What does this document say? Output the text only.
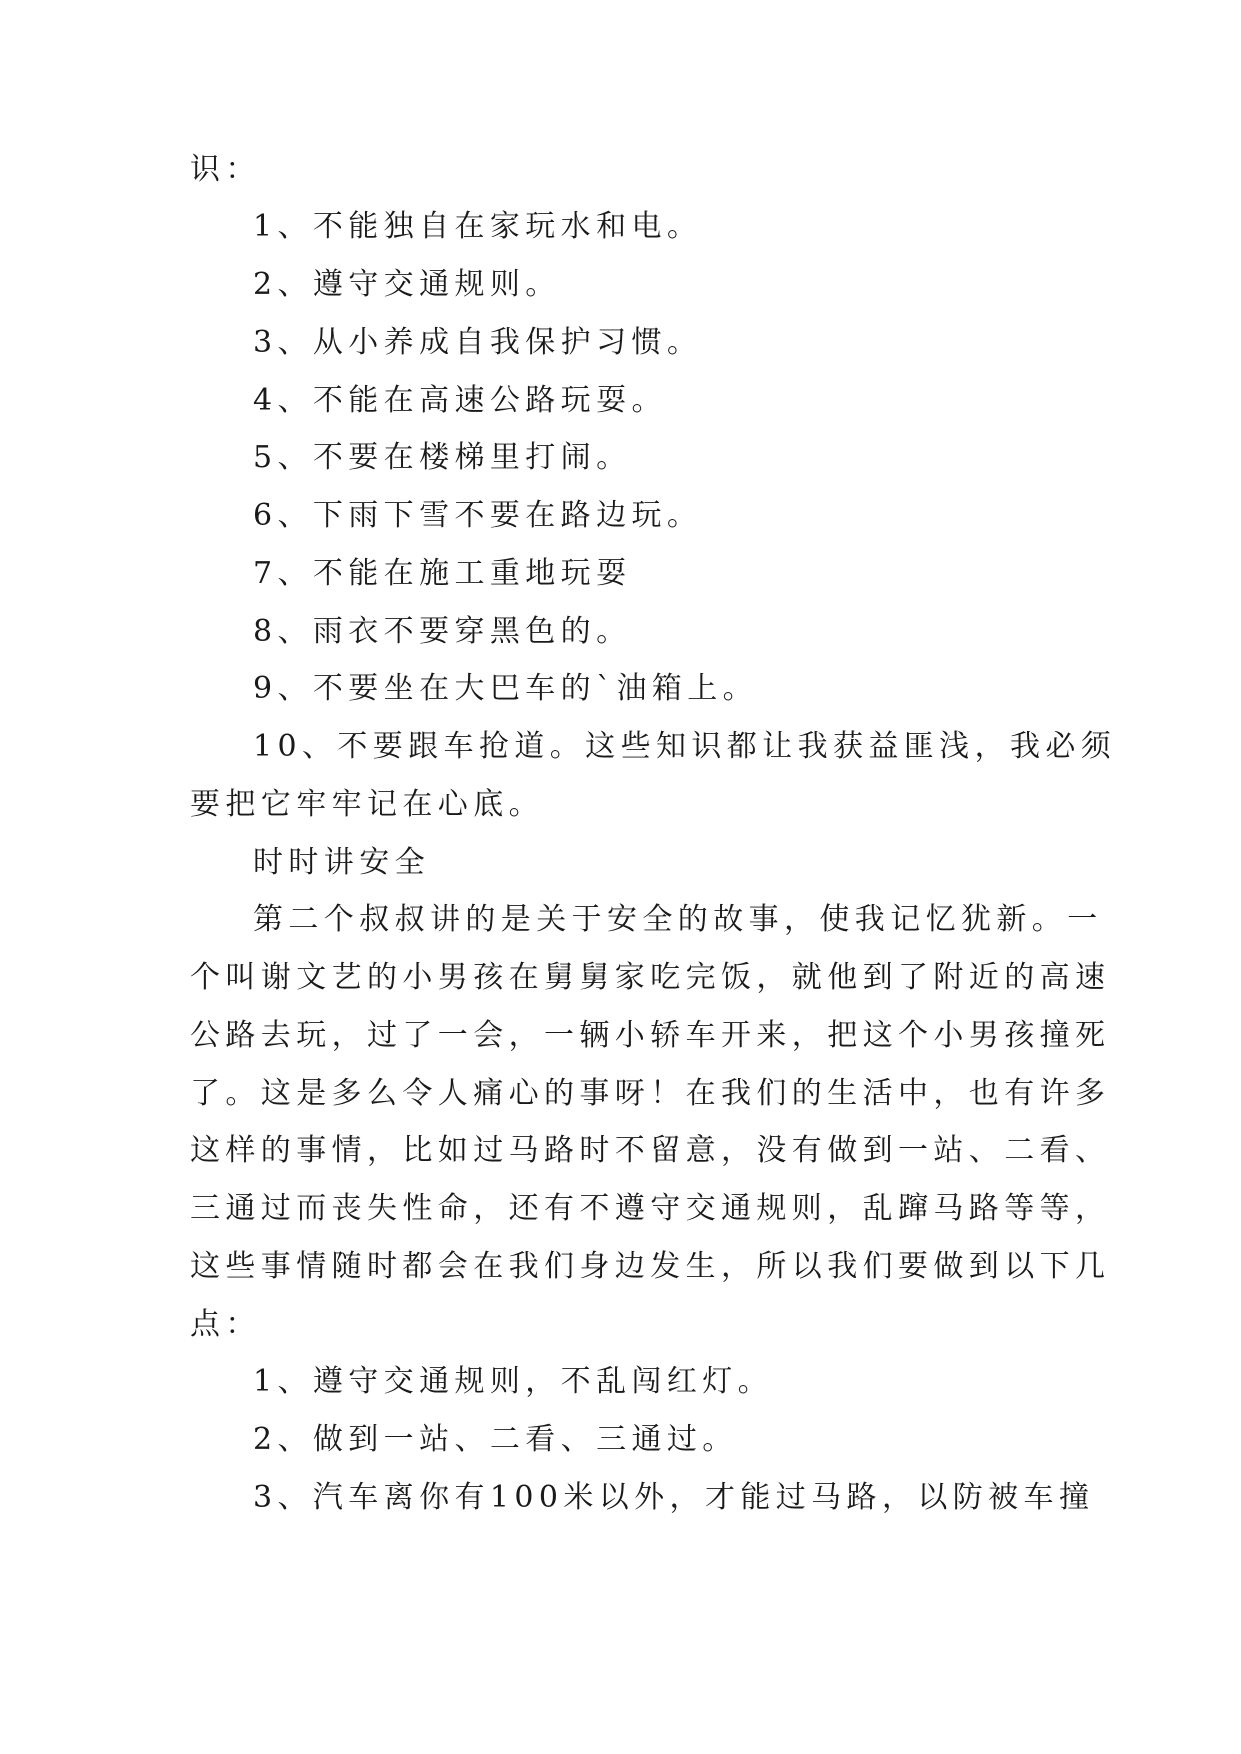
识：
1、不能独自在家玩水和电。
2、遵守交通规则。
3、从小养成自我保护习惯。
4、不能在高速公路玩耍。
5、不要在楼梯里打闹。
6、下雨下雪不要在路边玩。
7、不能在施工重地玩耍
8、雨衣不要穿黑色的。
9、不要坐在大巴车的`油箱上。
10、不要跟车抢道。这些知识都让我获益匪浅，我必须
要把它牢牢记在心底。
时时讲安全
第二个叔叔讲的是关于安全的故事，使我记忆犹新。一
个叫谢文艺的小男孩在舅舅家吃完饭，就他到了附近的高速
公路去玩，过了一会，一辆小轿车开来，把这个小男孩撞死
了。这是多么令人痛心的事呀！在我们的生活中，也有许多
这样的事情，比如过马路时不留意，没有做到一站、二看、
三通过而丧失性命，还有不遵守交通规则，乱蹿马路等等，
这些事情随时都会在我们身边发生，所以我们要做到以下几
点：
1、遵守交通规则，不乱闯红灯。
2、做到一站、二看、三通过。
3、汽车离你有100米以外，才能过马路，以防被车撞
